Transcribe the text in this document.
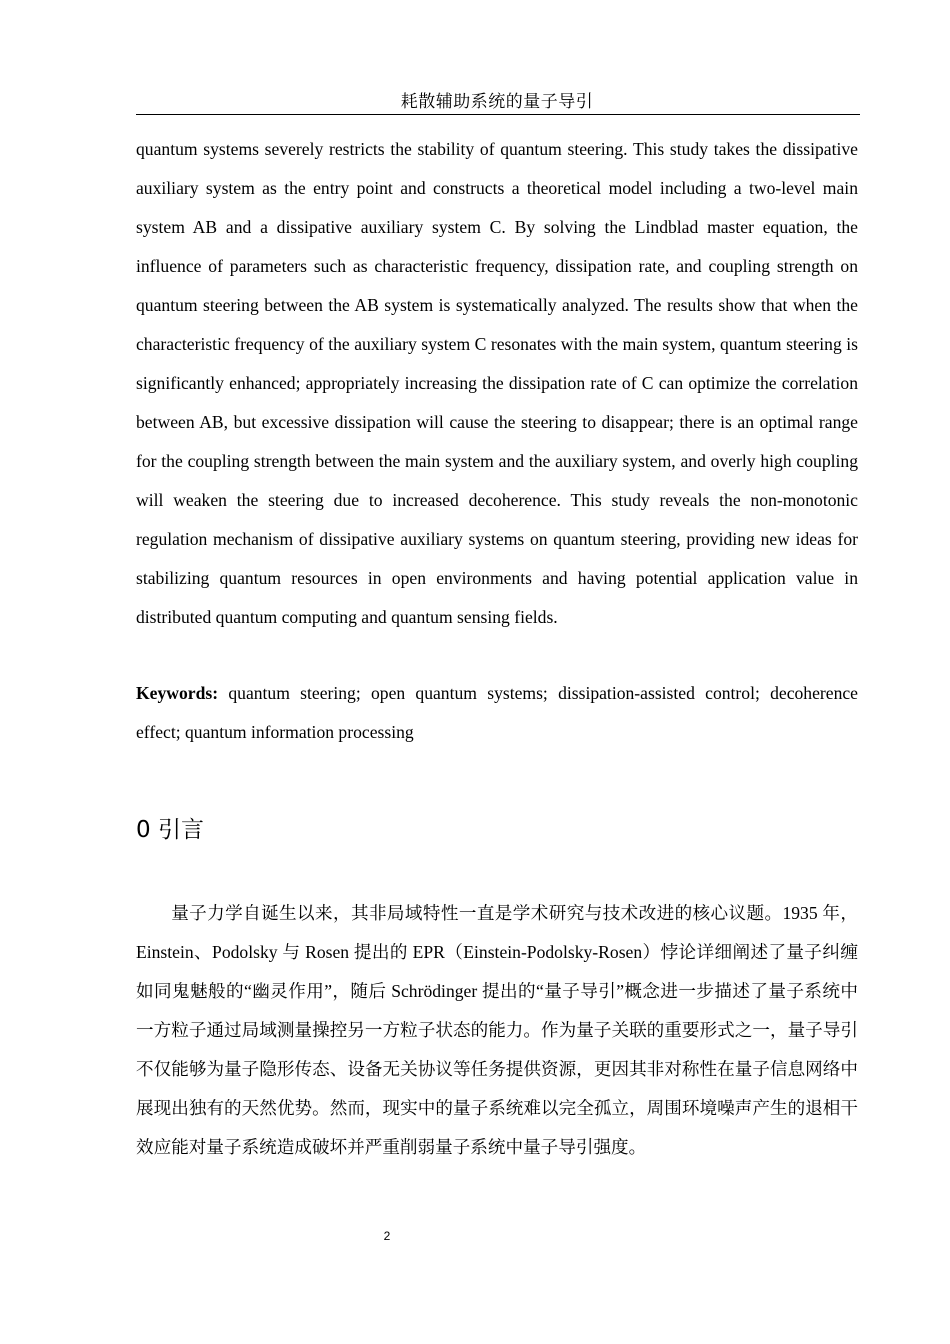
耗散辅助系统的量子导引

quantum systems severely restricts the stability of quantum steering. This study takes the dissipative auxiliary system as the entry point and constructs a theoretical model including a two-level main system AB and a dissipative auxiliary system C. By solving the Lindblad master equation, the influence of parameters such as characteristic frequency, dissipation rate, and coupling strength on quantum steering between the AB system is systematically analyzed. The results show that when the characteristic frequency of the auxiliary system C resonates with the main system, quantum steering is significantly enhanced; appropriately increasing the dissipation rate of C can optimize the correlation between AB, but excessive dissipation will cause the steering to disappear; there is an optimal range for the coupling strength between the main system and the auxiliary system, and overly high coupling will weaken the steering due to increased decoherence. This study reveals the non-monotonic regulation mechanism of dissipative auxiliary systems on quantum steering, providing new ideas for stabilizing quantum resources in open environments and having potential application value in distributed quantum computing and quantum sensing fields.

Keywords: quantum steering; open quantum systems; dissipation-assisted control; decoherence effect; quantum information processing

0 引言

量子力学自诞生以来，其非局域特性一直是学术研究与技术改进的核心议题。1935 年，Einstein、Podolsky 与 Rosen 提出的 EPR（Einstein-Podolsky-Rosen）悖论详细阐述了量子纠缠如同鬼魅般的“幽灵作用”，随后 Schrödinger 提出的“量子导引”概念进一步描述了量子系统中一方粒子通过局域测量操控另一方粒子状态的能力。作为量子关联的重要形式之一，量子导引不仅能够为量子隐形传态、设备无关协议等任务提供资源，更因其非对称性在量子信息网络中展现出独有的天然优势。然而，现实中的量子系统难以完全孤立，周围环境噪声产生的退相干效应能对量子系统造成破坏并严重削弱量子系统中量子导引强度。

2
